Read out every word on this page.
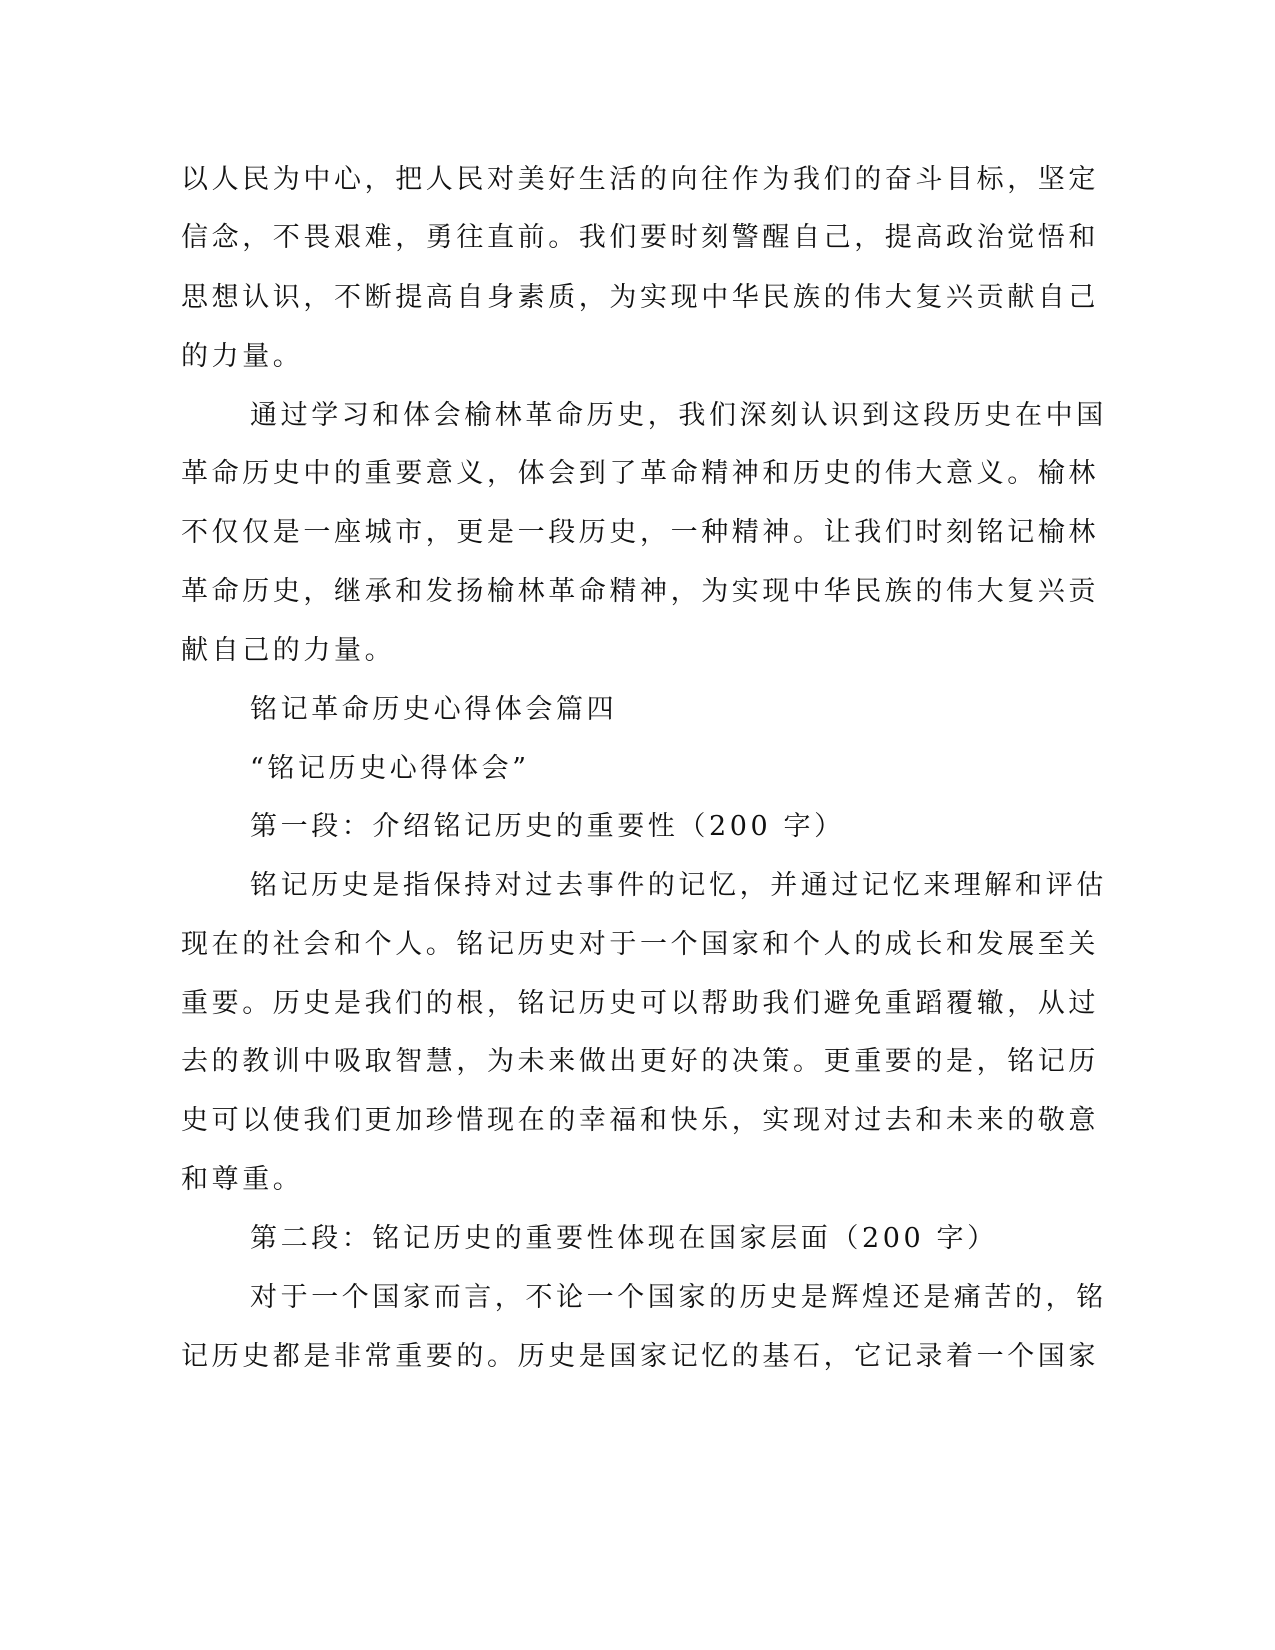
以人民为中心，把人民对美好生活的向往作为我们的奋斗目标，坚定

信念，不畏艰难，勇往直前。我们要时刻警醒自己，提高政治觉悟和

思想认识，不断提高自身素质，为实现中华民族的伟大复兴贡献自己

的力量。

通过学习和体会榆林革命历史，我们深刻认识到这段历史在中国

革命历史中的重要意义，体会到了革命精神和历史的伟大意义。榆林

不仅仅是一座城市，更是一段历史，一种精神。让我们时刻铭记榆林

革命历史，继承和发扬榆林革命精神，为实现中华民族的伟大复兴贡

献自己的力量。

铭记革命历史心得体会篇四

“铭记历史心得体会”

第一段：介绍铭记历史的重要性（200 字）

铭记历史是指保持对过去事件的记忆，并通过记忆来理解和评估

现在的社会和个人。铭记历史对于一个国家和个人的成长和发展至关

重要。历史是我们的根，铭记历史可以帮助我们避免重蹈覆辙，从过

去的教训中吸取智慧，为未来做出更好的决策。更重要的是，铭记历

史可以使我们更加珍惜现在的幸福和快乐，实现对过去和未来的敬意

和尊重。

第二段：铭记历史的重要性体现在国家层面（200 字）

对于一个国家而言，不论一个国家的历史是辉煌还是痛苦的，铭

记历史都是非常重要的。历史是国家记忆的基石，它记录着一个国家
